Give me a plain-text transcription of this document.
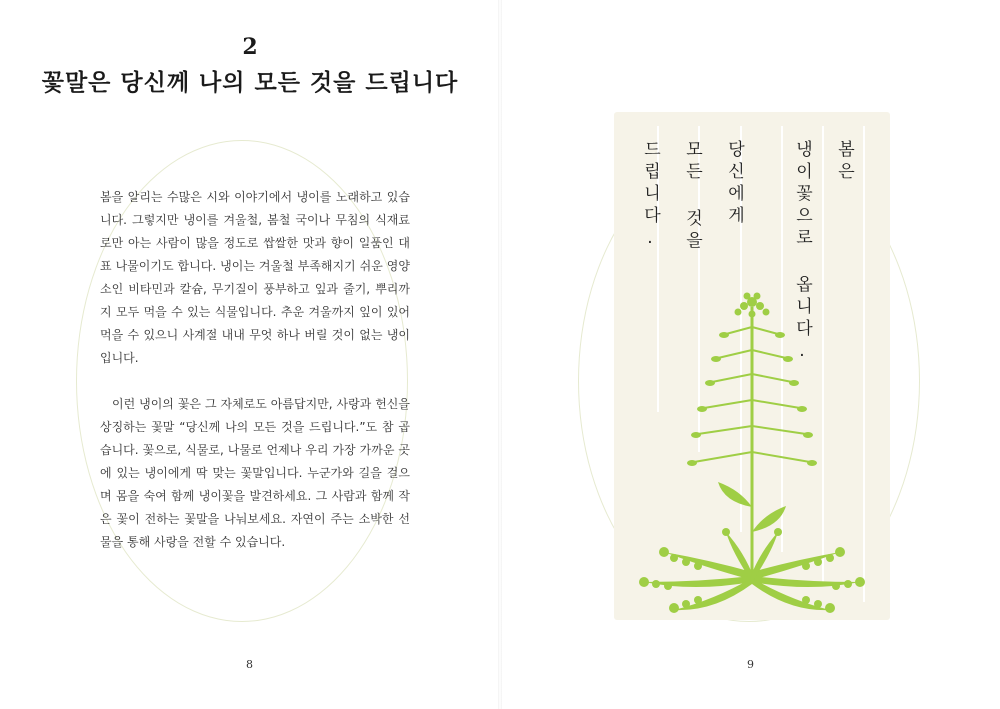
2
꽃말은 당신께 나의 모든 것을 드립니다

봄을 알리는 수많은 시와 이야기에서 냉이를 노래하고 있습니다. 그렇지만 냉이를 겨울철, 봄철 국이나 무침의 식재료로만 아는 사람이 많을 정도로 쌉쌀한 맛과 향이 일품인 대표 나물이기도 합니다. 냉이는 겨울철 부족해지기 쉬운 영양소인 비타민과 칼슘, 무기질이 풍부하고 잎과 줄기, 뿌리까지 모두 먹을 수 있는 식물입니다. 추운 겨울까지 잎이 있어 먹을 수 있으니 사계절 내내 무엇 하나 버릴 것이 없는 냉이입니다.

이런 냉이의 꽃은 그 자체로도 아름답지만, 사랑과 헌신을 상징하는 꽃말 “당신께 나의 모든 것을 드립니다.”도 참 곱습니다. 꽃으로, 식물로, 나물로 언제나 우리 가장 가까운 곳에 있는 냉이에게 딱 맞는 꽃말입니다. 누군가와 길을 걸으며 몸을 숙여 함께 냉이꽃을 발견하세요. 그 사람과 함께 작은 꽃이 전하는 꽃말을 나눠보세요. 자연이 주는 소박한 선물을 통해 사랑을 전할 수 있습니다.

8
봄은
냉이꽃으로 옵니다.
당신에게
모든 것을
드립니다.
9
